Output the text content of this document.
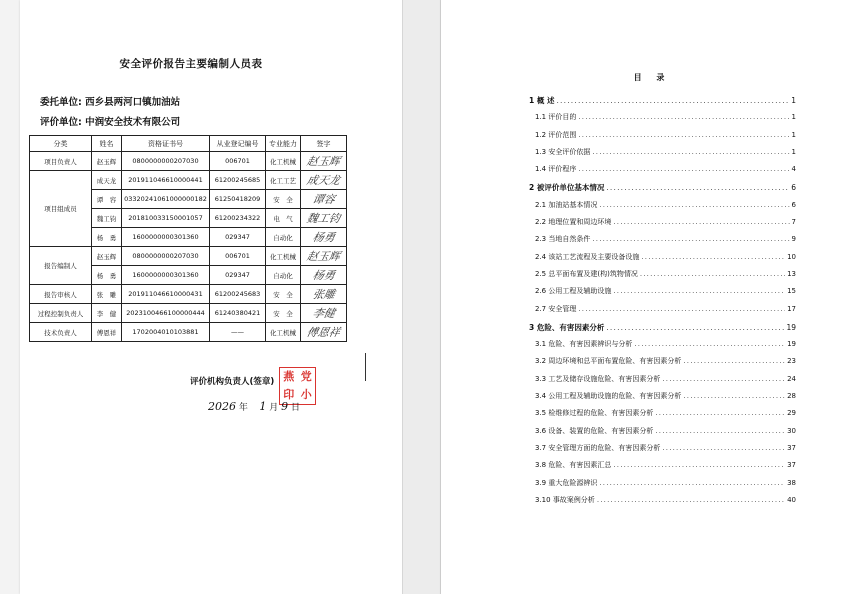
安全评价报告主要编制人员表
委托单位: 西乡县两河口镇加油站
评价单位: 中润安全技术有限公司
分类	姓名	资格证书号	从业登记编号	专业能力	签字
项目负责人	赵玉辉	0800000000207030	006701	化工机械	赵玉辉
项目组成员	成天龙	201911046610000441	61200245685	化工工艺	成天龙
	谭　容	03320241061000000182	61250418209	安　全	谭容
	魏工钧	201810033150001057	61200234322	电　气	魏工钧
	杨　勇	1600000000301360	029347	自动化	杨勇
报告编制人	赵玉辉	0800000000207030	006701	化工机械	赵玉辉
	杨　勇	1600000000301360	029347	自动化	杨勇
报告审核人	张　雕	201911046610000431	61200245683	安　全	张雕
过程控制负责人	李　健	2023100466100000444	61240380421	安　全	李健
技术负责人	傅恩祥	1702004010103881	——	化工机械	傅恩祥
评价机构负责人(签章) 燕 党
印 小
2026 年 1 月 9 日
目 录
1 概 述 .....	1
1.1 评价目的 .....	1
1.2 评价范围 .....	1
1.3 安全评价依据 .....	1
1.4 评价程序 .....	4
2 被评价单位基本情况 .....	6
2.1 加油站基本情况 .....	6
2.2 地理位置和周边环境 .....	7
2.3 当地自然条件 .....	9
2.4 该站工艺流程及主要设备设施 .....	10
2.5 总平面布置及建(构)筑物情况 .....	13
2.6 公用工程及辅助设施 .....	15
2.7 安全管理 .....	17
3 危险、有害因素分析 .....	19
3.1 危险、有害因素辨识与分析 .....	19
3.2 周边环境和总平面布置危险、有害因素分析 .....	23
3.3 工艺及储存设施危险、有害因素分析 .....	24
3.4 公用工程及辅助设施的危险、有害因素分析 .....	28
3.5 检维修过程的危险、有害因素分析 .....	29
3.6 设备、装置的危险、有害因素分析 .....	30
3.7 安全管理方面的危险、有害因素分析 .....	37
3.8 危险、有害因素汇总 .....	37
3.9 重大危险源辨识 .....	38
3.10 事故案例分析 .....	40
